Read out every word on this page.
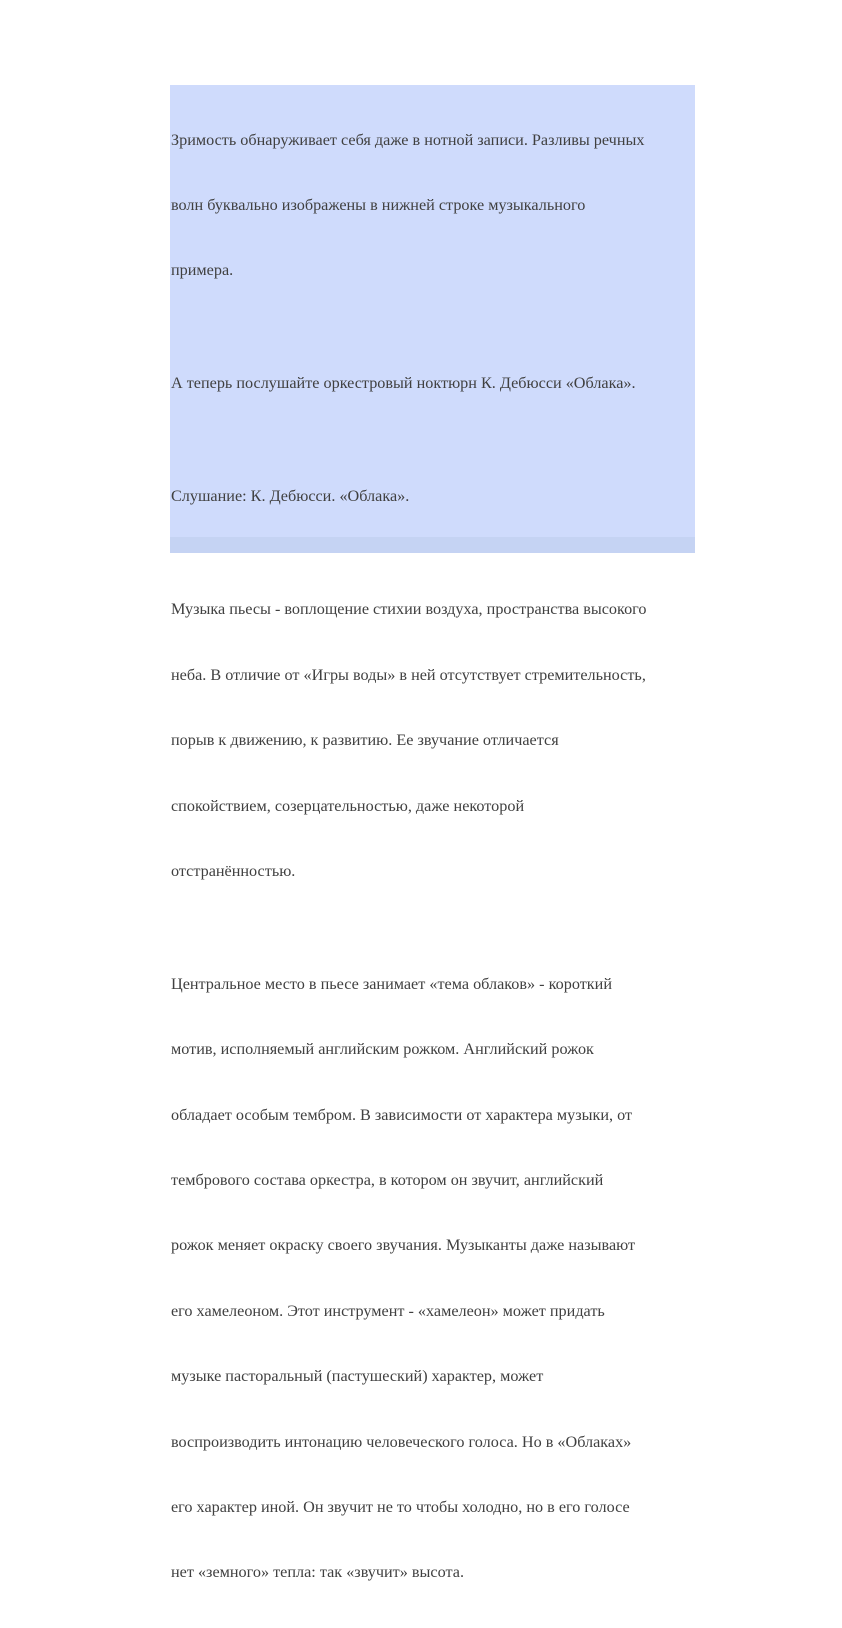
Зримость обнаруживает себя даже в нотной записи. Разливы речных

волн буквально изображены в нижней строке музыкального

примера.

А теперь послушайте оркестровый ноктюрн К. Дебюсси «Облака».

Слушание: К. Дебюсси. «Облака».

Музыка пьесы - воплощение стихии воздуха, пространства высокого

неба. В отличие от «Игры воды» в ней отсутствует стремительность,

порыв к движению, к развитию. Ее звучание отличается

спокойствием, созерцательностью, даже некоторой

отстранённостью.

Центральное место в пьесе занимает «тема облаков» - короткий

мотив, исполняемый английским рожком. Английский рожок

обладает особым тембром. В зависимости от характера музыки, от

тембрового состава оркестра, в котором он звучит, английский

рожок меняет окраску своего звучания. Музыканты даже называют

его хамелеоном. Этот инструмент - «хамелеон» может придать

музыке пасторальный (пастушеский) характер, может

воспроизводить интонацию человеческого голоса. Но в «Облаках»

его характер иной. Он звучит не то чтобы холодно, но в его голосе

нет «земного» тепла: так «звучит» высота.
